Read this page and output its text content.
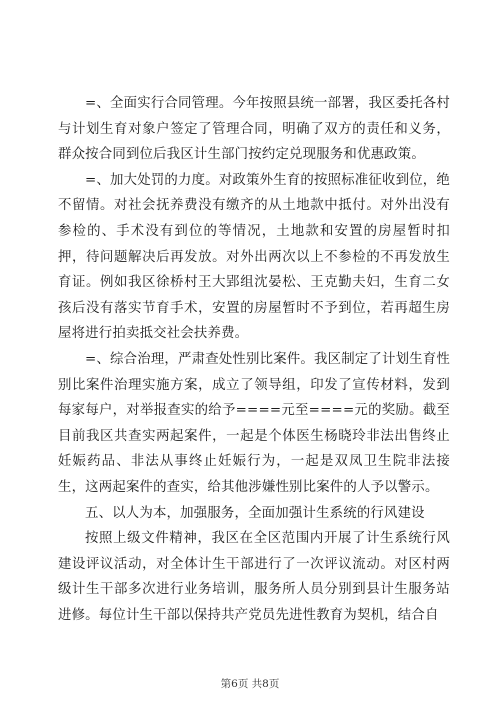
=、全面实行合同管理。今年按照县统一部署，我区委托各村与计划生育对象户签定了管理合同，明确了双方的责任和义务，群众按合同到位后我区计生部门按约定兑现服务和优惠政策。

=、加大处罚的力度。对政策外生育的按照标准征收到位，绝不留情。对社会抚养费没有缴齐的从土地款中抵付。对外出没有参检的、手术没有到位的等情况，土地款和安置的房屋暂时扣押，待问题解决后再发放。对外出两次以上不参检的不再发放生育证。例如我区徐桥村王大郢组沈晏松、王克勤夫妇，生育二女孩后没有落实节育手术，安置的房屋暂时不予到位，若再超生房屋将进行拍卖抵交社会扶养费。

=、综合治理，严肃查处性别比案件。我区制定了计划生育性别比案件治理实施方案，成立了领导组，印发了宣传材料，发到每家每户，对举报查实的给予====元至====元的奖励。截至目前我区共查实两起案件，一起是个体医生杨晓玲非法出售终止妊娠药品、非法从事终止妊娠行为，一起是双凤卫生院非法接生，这两起案件的查实，给其他涉嫌性别比案件的人予以警示。

五、以人为本，加强服务，全面加强计生系统的行风建设

按照上级文件精神，我区在全区范围内开展了计生系统行风建设评议活动，对全体计生干部进行了一次评议流动。对区村两级计生干部多次进行业务培训，服务所人员分别到县计生服务站进修。每位计生干部以保持共产党员先进性教育为契机，结合自

第6页 共8页
